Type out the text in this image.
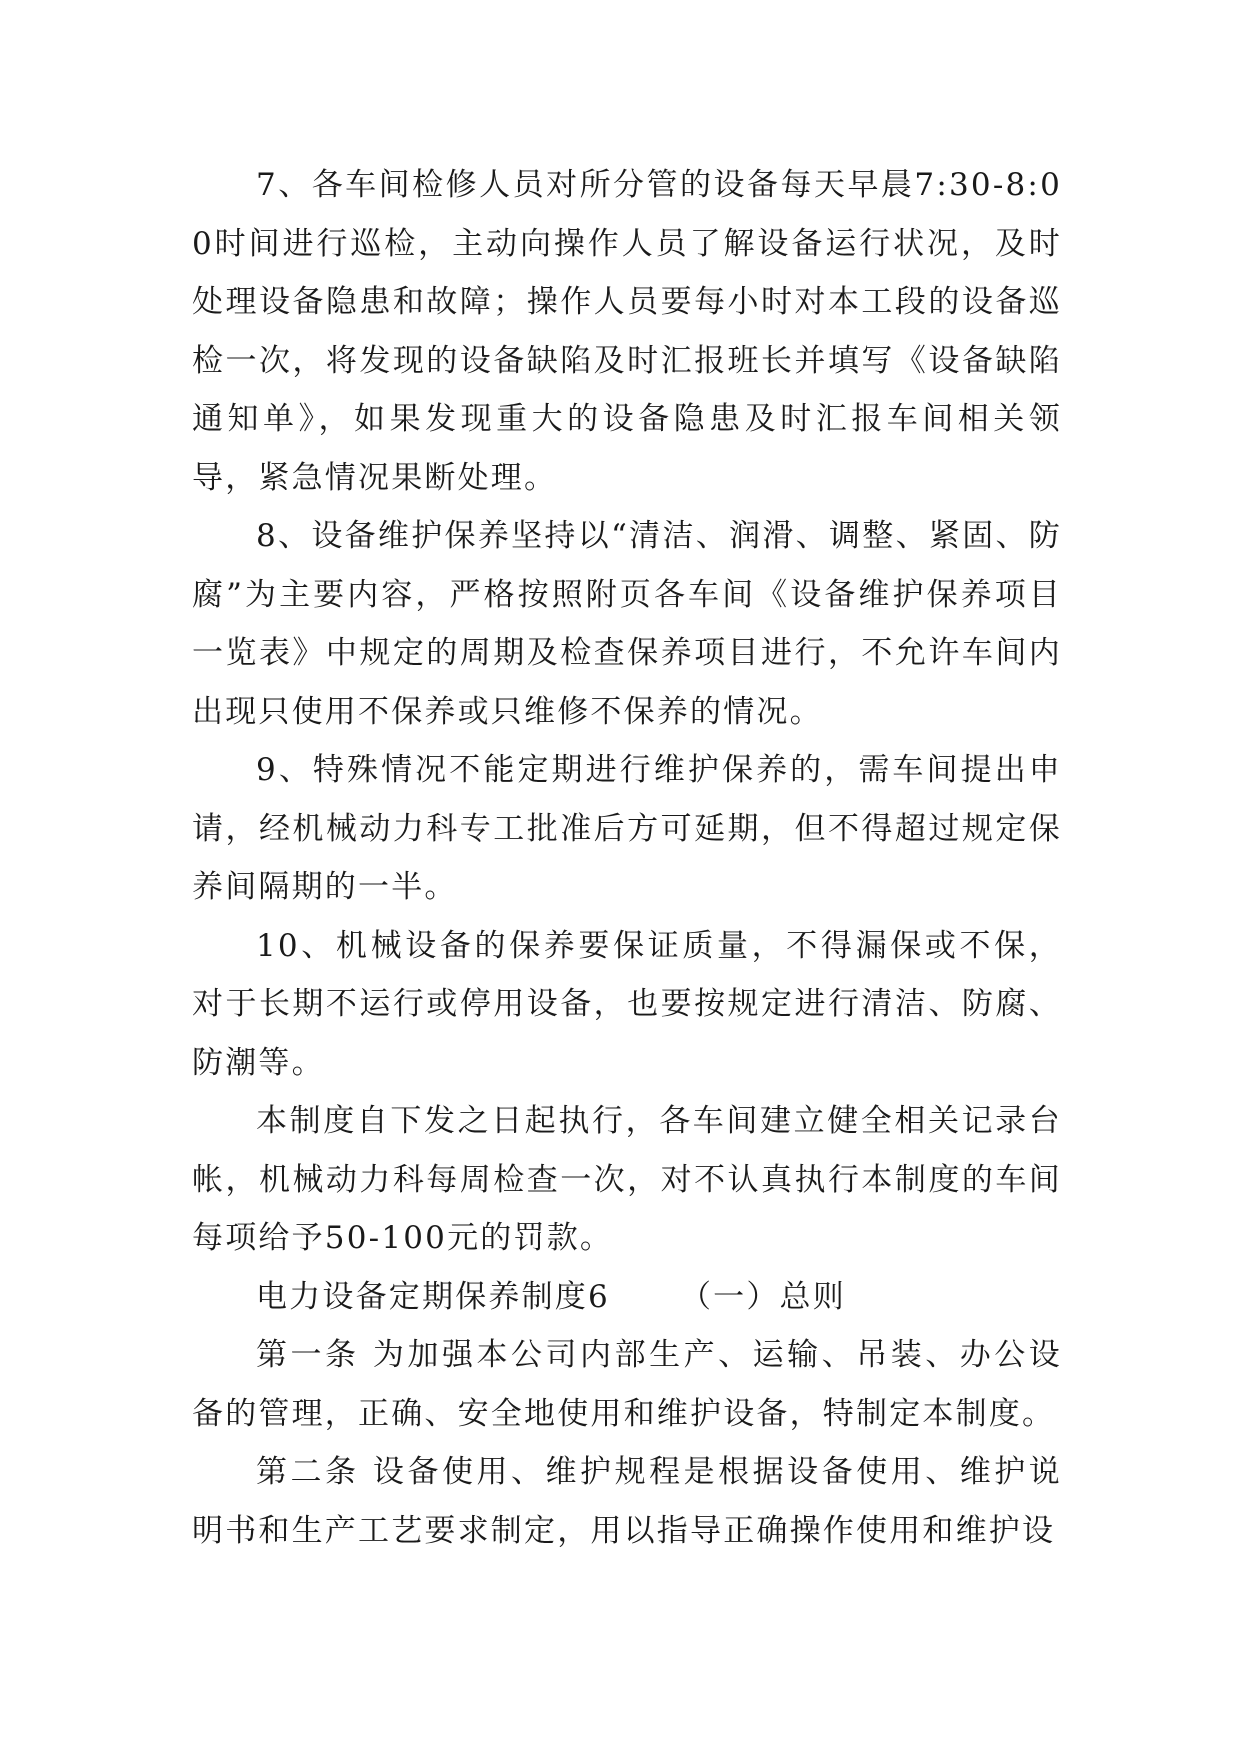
7、各车间检修人员对所分管的设备每天早晨7:30-8:00时间进行巡检，主动向操作人员了解设备运行状况，及时处理设备隐患和故障；操作人员要每小时对本工段的设备巡检一次，将发现的设备缺陷及时汇报班长并填写《设备缺陷通知单》，如果发现重大的设备隐患及时汇报车间相关领导，紧急情况果断处理。

8、设备维护保养坚持以“清洁、润滑、调整、紧固、防腐”为主要内容，严格按照附页各车间《设备维护保养项目一览表》中规定的周期及检查保养项目进行，不允许车间内出现只使用不保养或只维修不保养的情况。

9、特殊情况不能定期进行维护保养的，需车间提出申请，经机械动力科专工批准后方可延期，但不得超过规定保养间隔期的一半。

10、机械设备的保养要保证质量，不得漏保或不保，对于长期不运行或停用设备，也要按规定进行清洁、防腐、防潮等。

本制度自下发之日起执行，各车间建立健全相关记录台帐，机械动力科每周检查一次，对不认真执行本制度的车间每项给予50-100元的罚款。

电力设备定期保养制度6 （一）总则

第一条 为加强本公司内部生产、运输、吊装、办公设备的管理，正确、安全地使用和维护设备，特制定本制度。

第二条 设备使用、维护规程是根据设备使用、维护说明书和生产工艺要求制定，用以指导正确操作使用和维护设
